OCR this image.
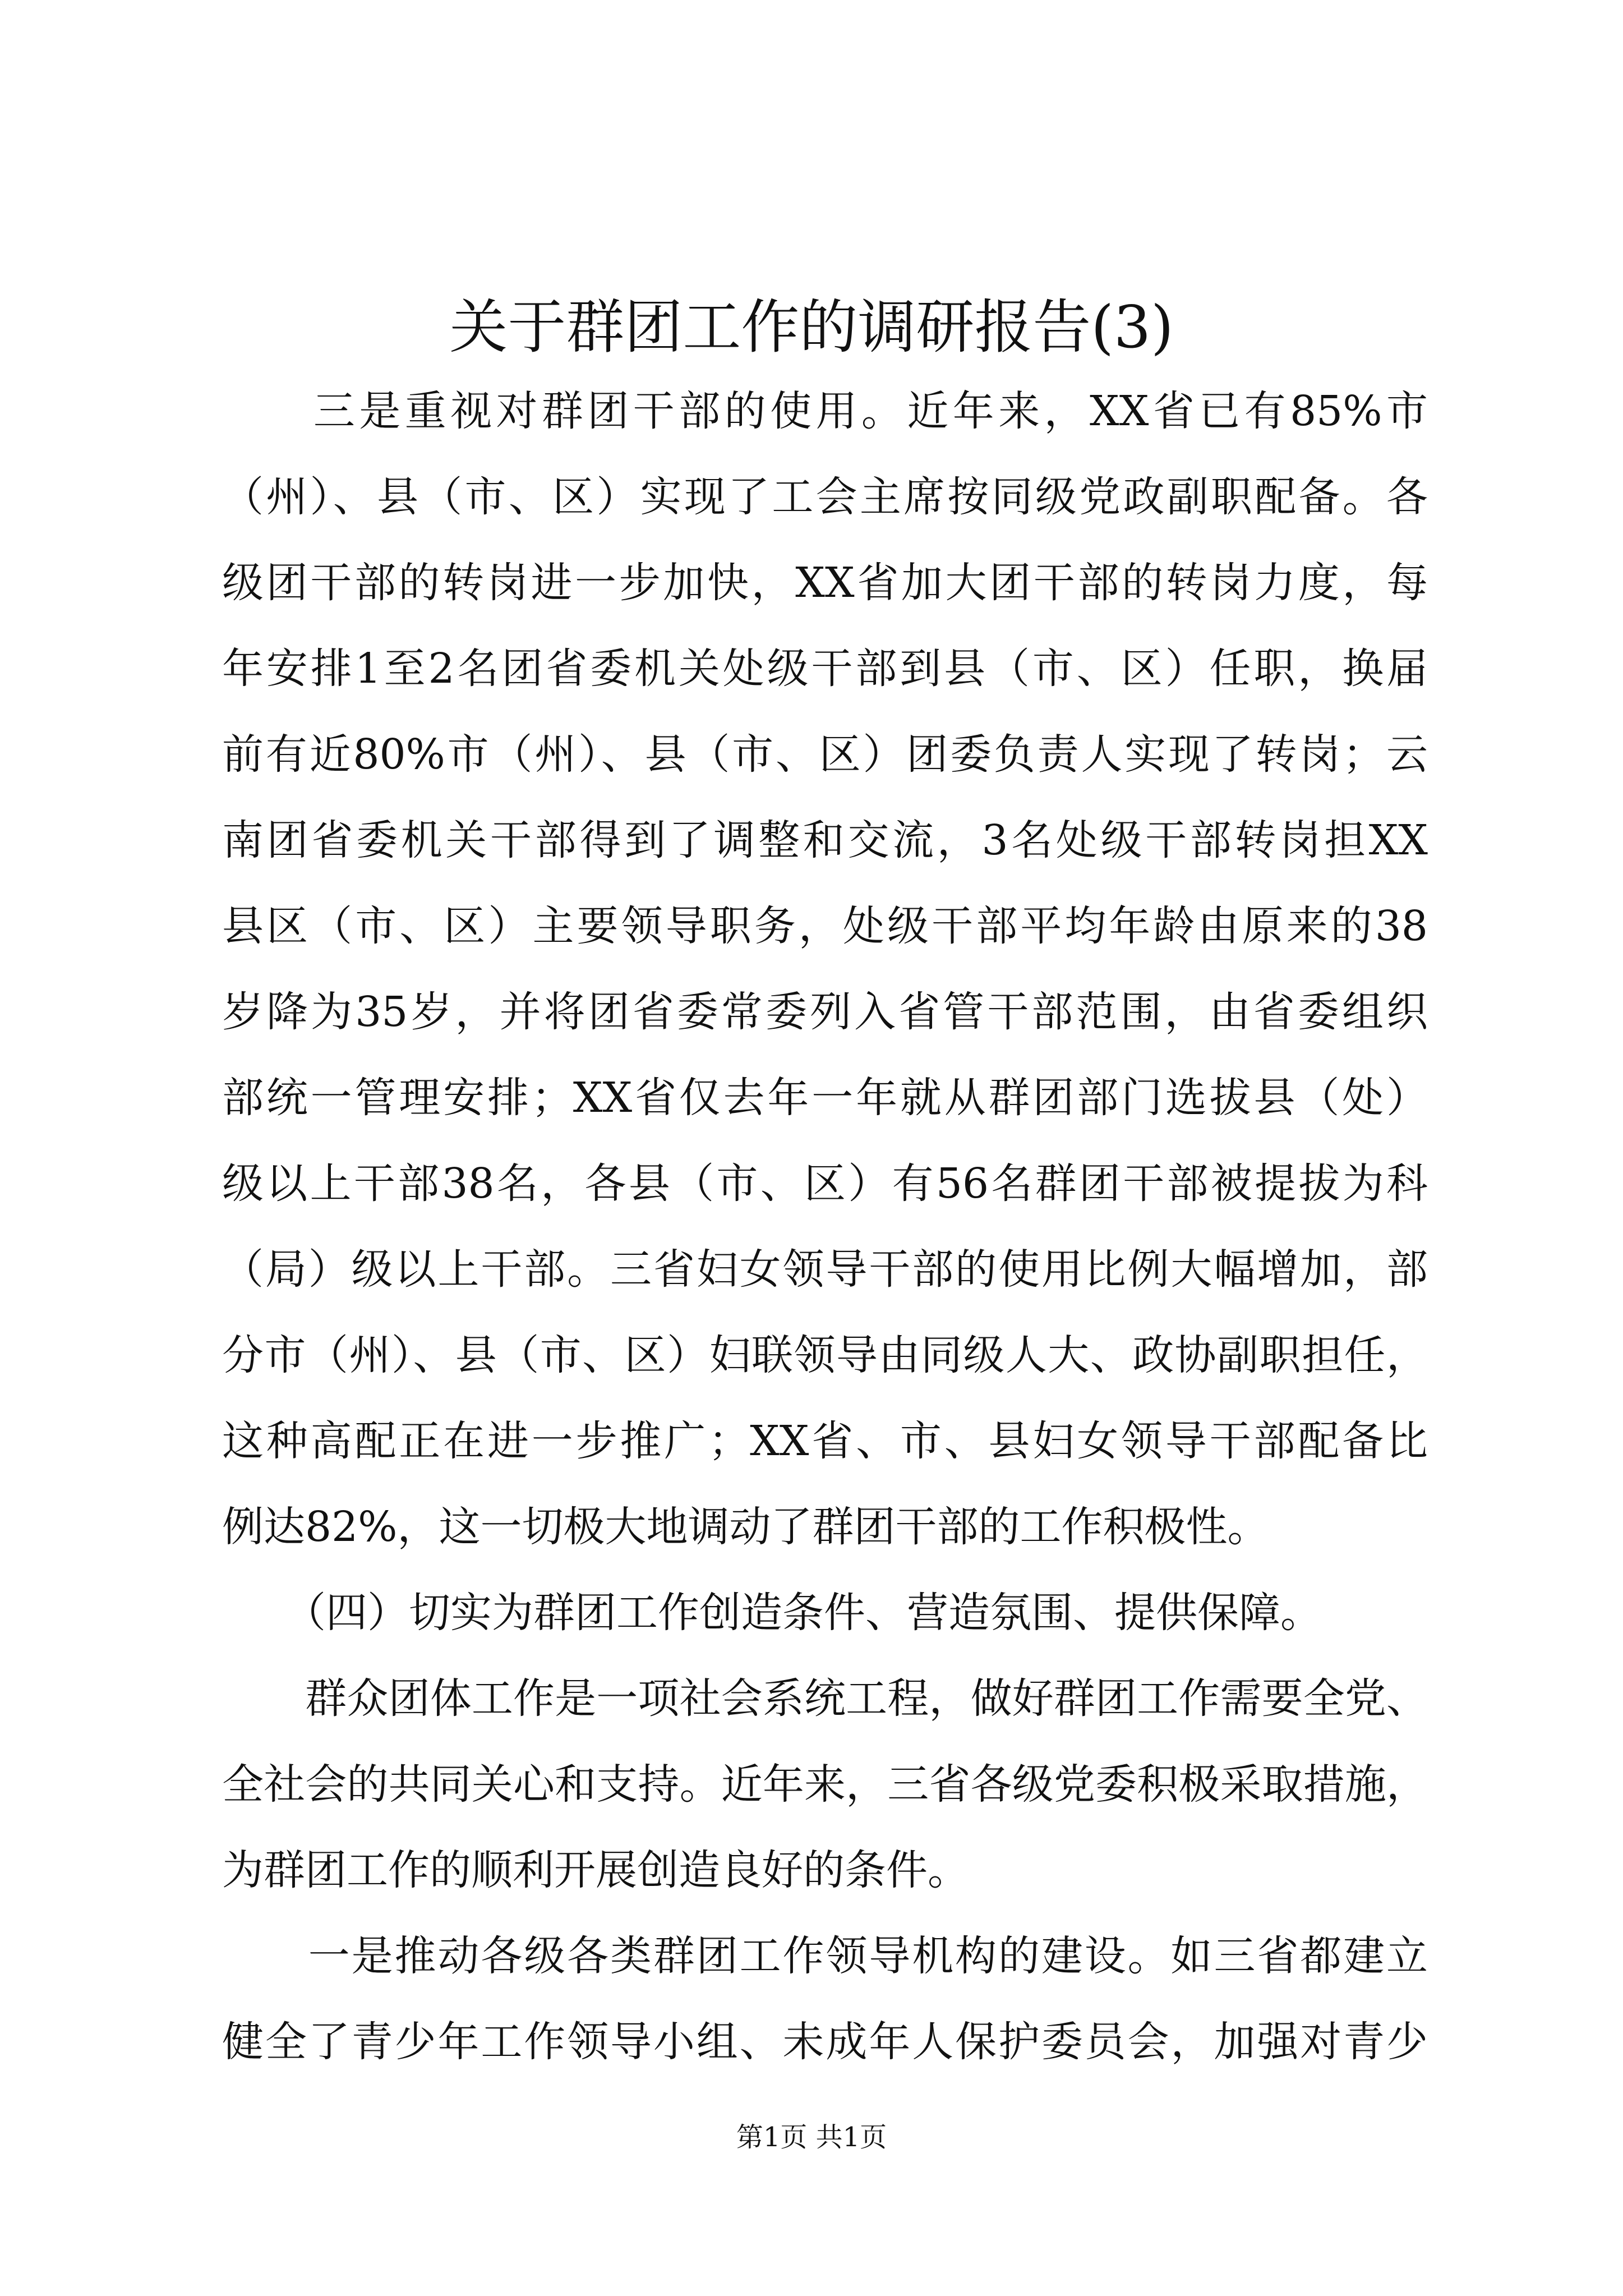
关于群团工作的调研报告(3)

　　三是重视对群团干部的使用。近年来，XX省已有85%市

（州）、县（市、区）实现了工会主席按同级党政副职配备。各

级团干部的转岗进一步加快，XX省加大团干部的转岗力度，每

年安排1至2名团省委机关处级干部到县（市、区）任职，换届

前有近80%市（州）、县（市、区）团委负责人实现了转岗；云

南团省委机关干部得到了调整和交流，3名处级干部转岗担XX

县区（市、区）主要领导职务，处级干部平均年龄由原来的38

岁降为35岁，并将团省委常委列入省管干部范围，由省委组织

部统一管理安排；XX省仅去年一年就从群团部门选拔县（处）

级以上干部38名，各县（市、区）有56名群团干部被提拔为科

（局）级以上干部。三省妇女领导干部的使用比例大幅增加，部

分市（州）、县（市、区）妇联领导由同级人大、政协副职担任，

这种高配正在进一步推广；XX省、市、县妇女领导干部配备比

例达82%，这一切极大地调动了群团干部的工作积极性。

　　（四）切实为群团工作创造条件、营造氛围、提供保障。

　　群众团体工作是一项社会系统工程，做好群团工作需要全党、

全社会的共同关心和支持。近年来，三省各级党委积极采取措施，

为群团工作的顺利开展创造良好的条件。

　　一是推动各级各类群团工作领导机构的建设。如三省都建立

健全了青少年工作领导小组、未成年人保护委员会，加强对青少

第1页 共1页
